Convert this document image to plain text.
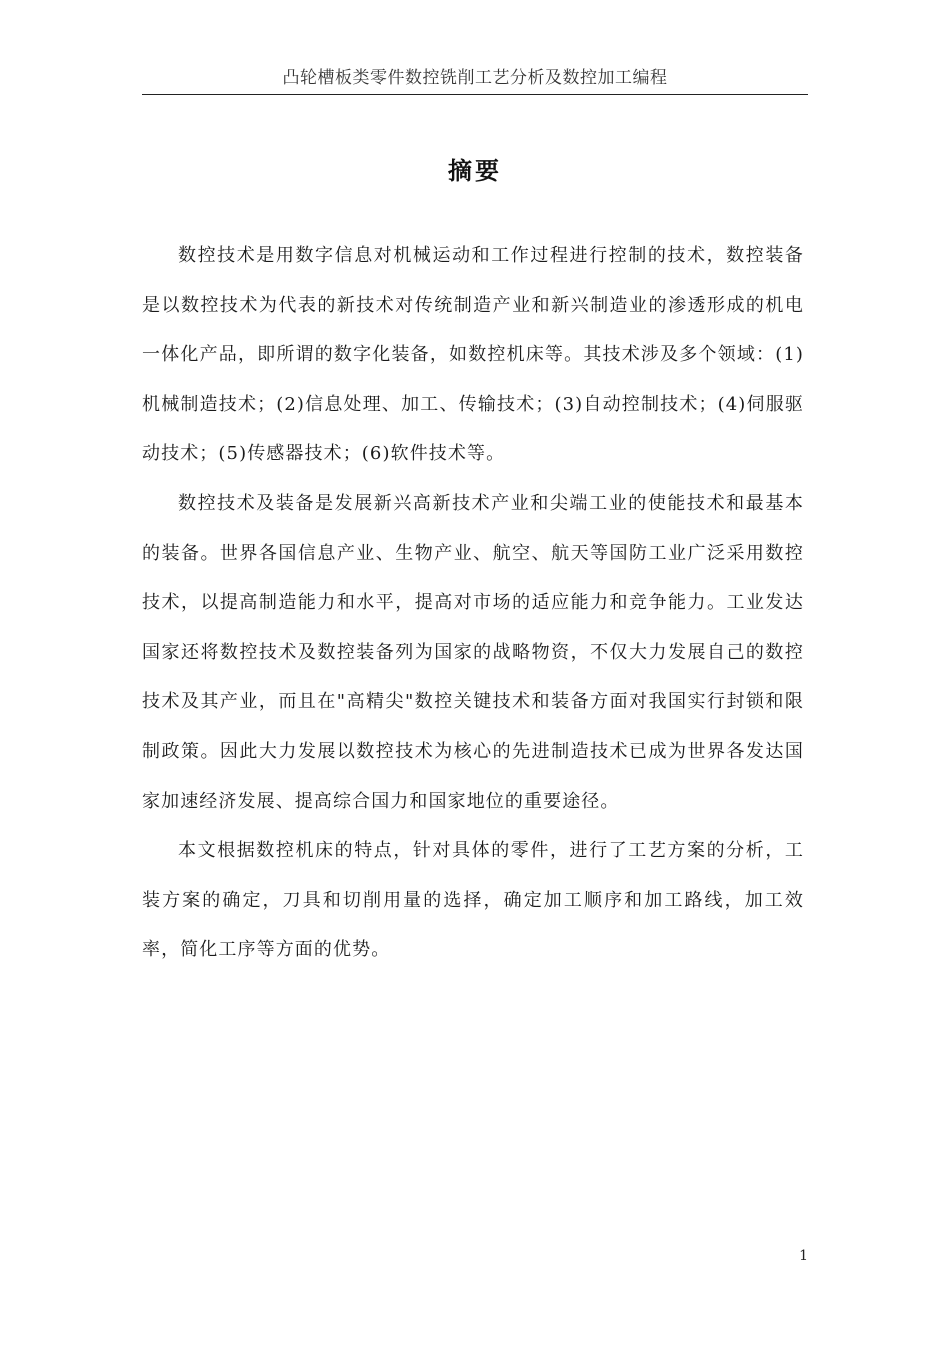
凸轮槽板类零件数控铣削工艺分析及数控加工编程
摘要

数控技术是用数字信息对机械运动和工作过程进行控制的技术，数控装备是以数控技术为代表的新技术对传统制造产业和新兴制造业的渗透形成的机电一体化产品，即所谓的数字化装备，如数控机床等。其技术涉及多个领域：(1)机械制造技术；(2)信息处理、加工、传输技术；(3)自动控制技术；(4)伺服驱动技术；(5)传感器技术；(6)软件技术等。

数控技术及装备是发展新兴高新技术产业和尖端工业的使能技术和最基本的装备。世界各国信息产业、生物产业、航空、航天等国防工业广泛采用数控技术，以提高制造能力和水平，提高对市场的适应能力和竞争能力。工业发达国家还将数控技术及数控装备列为国家的战略物资，不仅大力发展自己的数控技术及其产业，而且在"高精尖"数控关键技术和装备方面对我国实行封锁和限制政策。因此大力发展以数控技术为核心的先进制造技术已成为世界各发达国家加速经济发展、提高综合国力和国家地位的重要途径。

本文根据数控机床的特点，针对具体的零件，进行了工艺方案的分析，工装方案的确定，刀具和切削用量的选择，确定加工顺序和加工路线，加工效率，简化工序等方面的优势。

1
